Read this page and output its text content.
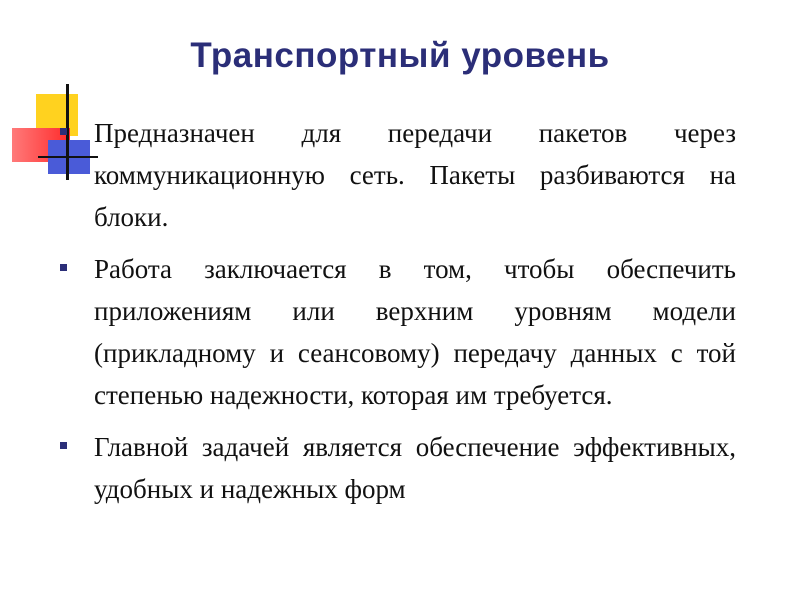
Транспортный уровень
Предназначен для передачи пакетов через коммуникационную сеть. Пакеты разбиваются на блоки.
Работа заключается в том, чтобы обеспечить приложениям или верхним уровням модели (прикладному и сеансовому) передачу данных с той степенью надежности, которая им требуется.
Главной задачей является обеспечение эффективных, удобных и надежных форм
